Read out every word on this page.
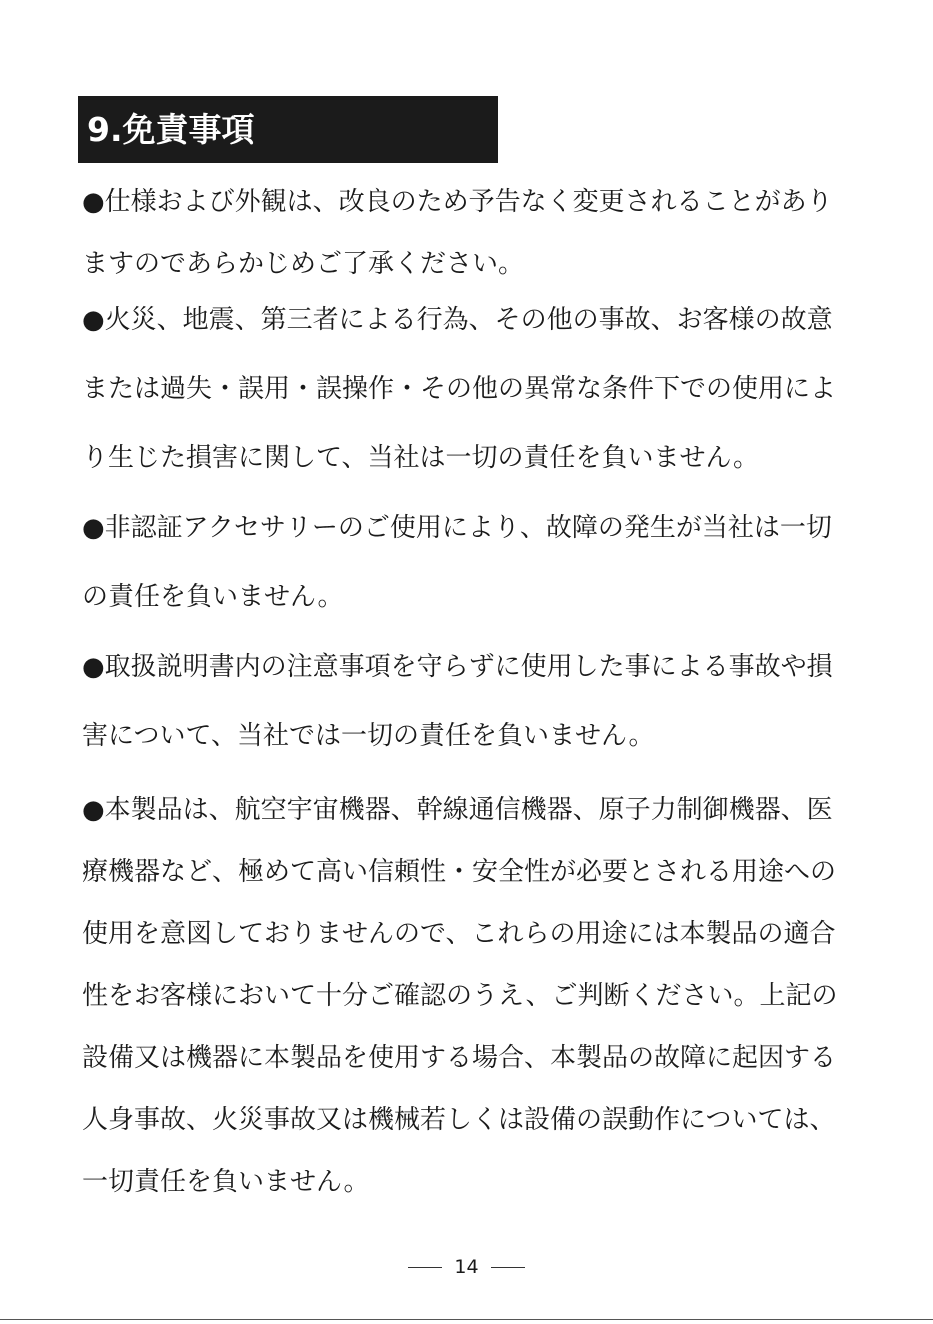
9.免責事項
●仕様および外観は、改良のため予告なく変更されることがあり
ますのであらかじめご了承ください。
●火災、地震、第三者による行為、その他の事故、お客様の故意
または過失・誤用・誤操作・その他の異常な条件下での使用によ
り生じた損害に関して、当社は一切の責任を負いません。
●非認証アクセサリーのご使用により、故障の発生が当社は一切
の責任を負いません。
●取扱説明書内の注意事項を守らずに使用した事による事故や損
害について、当社では一切の責任を負いません。
●本製品は、航空宇宙機器、幹線通信機器、原子力制御機器、医
療機器など、極めて高い信頼性・安全性が必要とされる用途への
使用を意図しておりませんので、これらの用途には本製品の適合
性をお客様において十分ご確認のうえ、ご判断ください。上記の
設備又は機器に本製品を使用する場合、本製品の故障に起因する
人身事故、火災事故又は機械若しくは設備の誤動作については、
一切責任を負いません。
14
